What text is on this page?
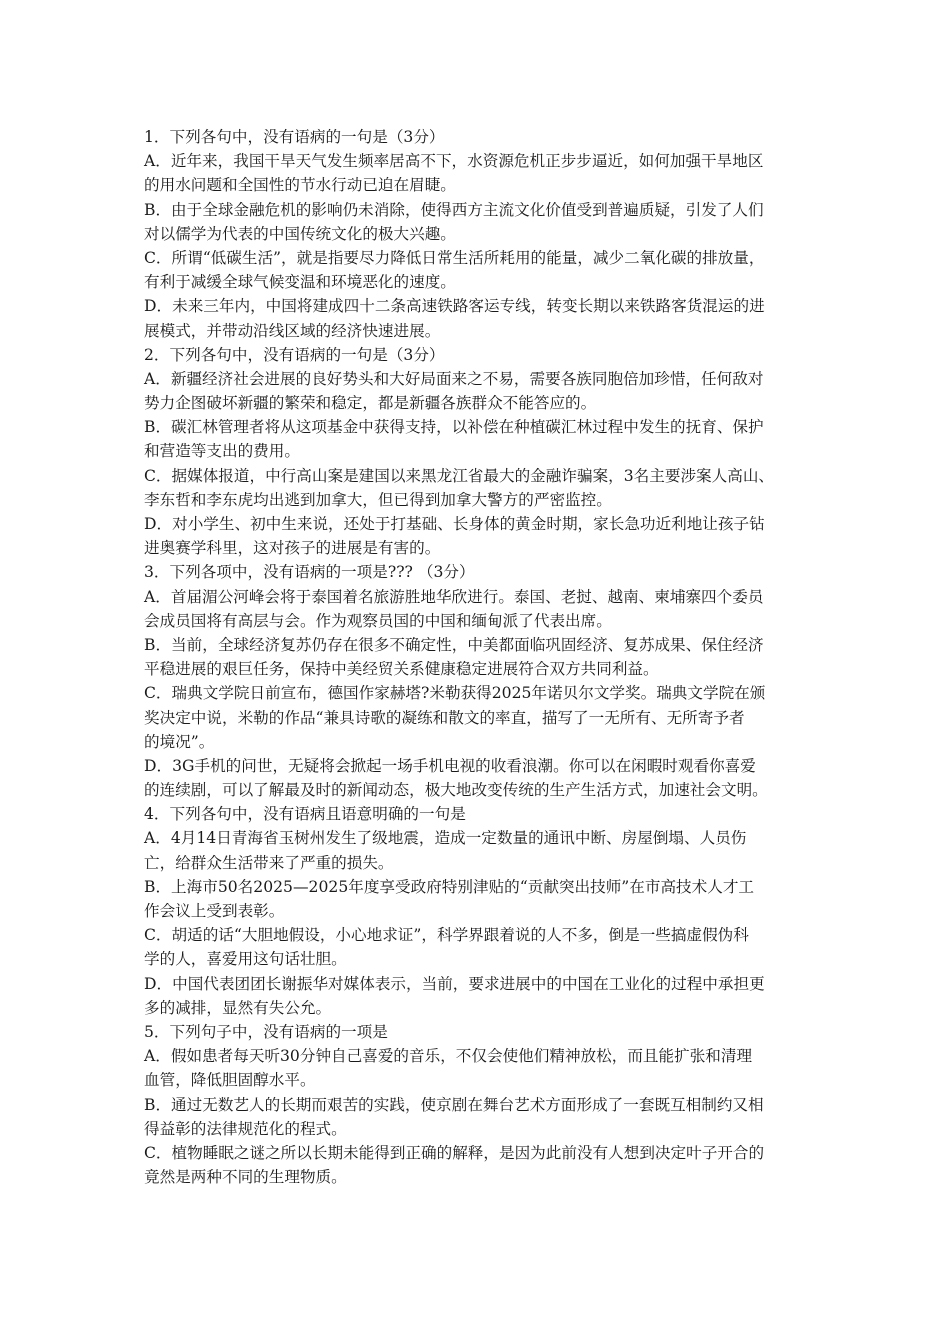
1．下列各句中，没有语病的一句是（3分）
A．近年来，我国干旱天气发生频率居高不下，水资源危机正步步逼近，如何加强干旱地区
的用水问题和全国性的节水行动已迫在眉睫。
B．由于全球金融危机的影响仍未消除，使得西方主流文化价值受到普遍质疑，引发了人们
对以儒学为代表的中国传统文化的极大兴趣。
C．所谓“低碳生活”，就是指要尽力降低日常生活所耗用的能量，减少二氧化碳的排放量，
有利于减缓全球气候变温和环境恶化的速度。
D．未来三年内，中国将建成四十二条高速铁路客运专线，转变长期以来铁路客货混运的进
展模式，并带动沿线区域的经济快速进展。
2．下列各句中，没有语病的一句是（3分）
A．新疆经济社会进展的良好势头和大好局面来之不易，需要各族同胞倍加珍惜，任何敌对
势力企图破坏新疆的繁荣和稳定，都是新疆各族群众不能答应的。
B．碳汇林管理者将从这项基金中获得支持，以补偿在种植碳汇林过程中发生的抚育、保护
和营造等支出的费用。
C．据媒体报道，中行高山案是建国以来黑龙江省最大的金融诈骗案，3名主要涉案人高山、
李东哲和李东虎均出逃到加拿大，但已得到加拿大警方的严密监控。
D．对小学生、初中生来说，还处于打基础、长身体的黄金时期，家长急功近利地让孩子钻
进奥赛学科里，这对孩子的进展是有害的。
3．下列各项中，没有语病的一项是??? （3分）
A．首届湄公河峰会将于泰国着名旅游胜地华欣进行。泰国、老挝、越南、柬埔寨四个委员
会成员国将有高层与会。作为观察员国的中国和缅甸派了代表出席。
B．当前，全球经济复苏仍存在很多不确定性，中美都面临巩固经济、复苏成果、保住经济
平稳进展的艰巨任务，保持中美经贸关系健康稳定进展符合双方共同利益。
C．瑞典文学院日前宣布，德国作家赫塔?米勒获得2025年诺贝尔文学奖。瑞典文学院在颁
奖决定中说，米勒的作品“兼具诗歌的凝练和散文的率直，描写了一无所有、无所寄予者
的境况”。
D．3G手机的问世，无疑将会掀起一场手机电视的收看浪潮。你可以在闲暇时观看你喜爱
的连续剧，可以了解最及时的新闻动态，极大地改变传统的生产生活方式，加速社会文明。
4．下列各句中，没有语病且语意明确的一句是
A．4月14日青海省玉树州发生了级地震，造成一定数量的通讯中断、房屋倒塌、人员伤
亡，给群众生活带来了严重的损失。
B．上海市50名2025—2025年度享受政府特别津贴的“贡献突出技师”在市高技术人才工
作会议上受到表彰。
C．胡适的话“大胆地假设，小心地求证”，科学界跟着说的人不多，倒是一些搞虚假伪科
学的人，喜爱用这句话壮胆。
D．中国代表团团长谢振华对媒体表示，当前，要求进展中的中国在工业化的过程中承担更
多的减排，显然有失公允。
5．下列句子中，没有语病的一项是
A．假如患者每天听30分钟自己喜爱的音乐，不仅会使他们精神放松，而且能扩张和清理
血管，降低胆固醇水平。
B．通过无数艺人的长期而艰苦的实践，使京剧在舞台艺术方面形成了一套既互相制约又相
得益彰的法律规范化的程式。
C．植物睡眠之谜之所以长期未能得到正确的解释，是因为此前没有人想到决定叶子开合的
竟然是两种不同的生理物质。
